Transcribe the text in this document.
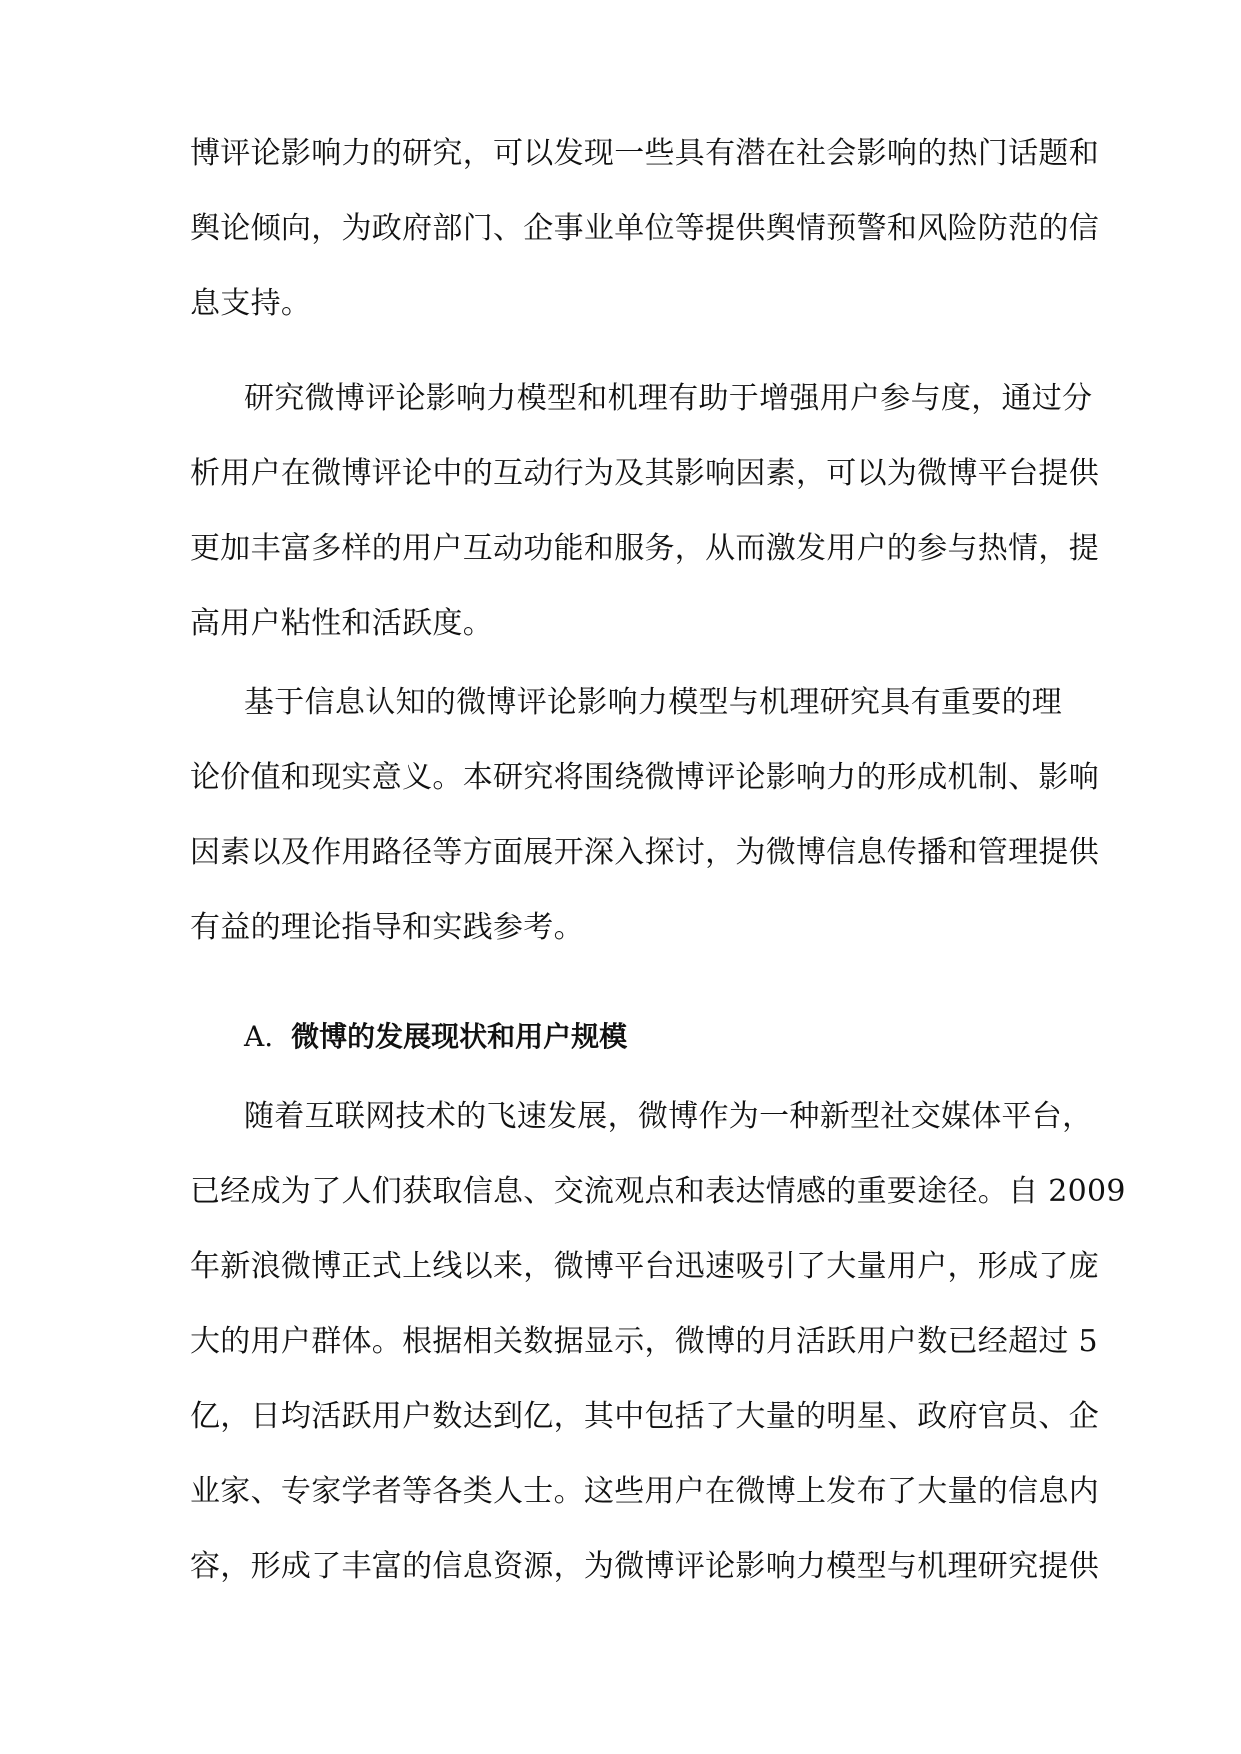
博评论影响力的研究，可以发现一些具有潜在社会影响的热门话题和
舆论倾向，为政府部门、企事业单位等提供舆情预警和风险防范的信
息支持。
研究微博评论影响力模型和机理有助于增强用户参与度，通过分
析用户在微博评论中的互动行为及其影响因素，可以为微博平台提供
更加丰富多样的用户互动功能和服务，从而激发用户的参与热情，提
高用户粘性和活跃度。
基于信息认知的微博评论影响力模型与机理研究具有重要的理
论价值和现实意义。本研究将围绕微博评论影响力的形成机制、影响
因素以及作用路径等方面展开深入探讨，为微博信息传播和管理提供
有益的理论指导和实践参考。
A. 微博的发展现状和用户规模
随着互联网技术的飞速发展，微博作为一种新型社交媒体平台，
已经成为了人们获取信息、交流观点和表达情感的重要途径。自 2009
年新浪微博正式上线以来，微博平台迅速吸引了大量用户，形成了庞
大的用户群体。根据相关数据显示，微博的月活跃用户数已经超过 5
亿，日均活跃用户数达到亿，其中包括了大量的明星、政府官员、企
业家、专家学者等各类人士。这些用户在微博上发布了大量的信息内
容，形成了丰富的信息资源，为微博评论影响力模型与机理研究提供
